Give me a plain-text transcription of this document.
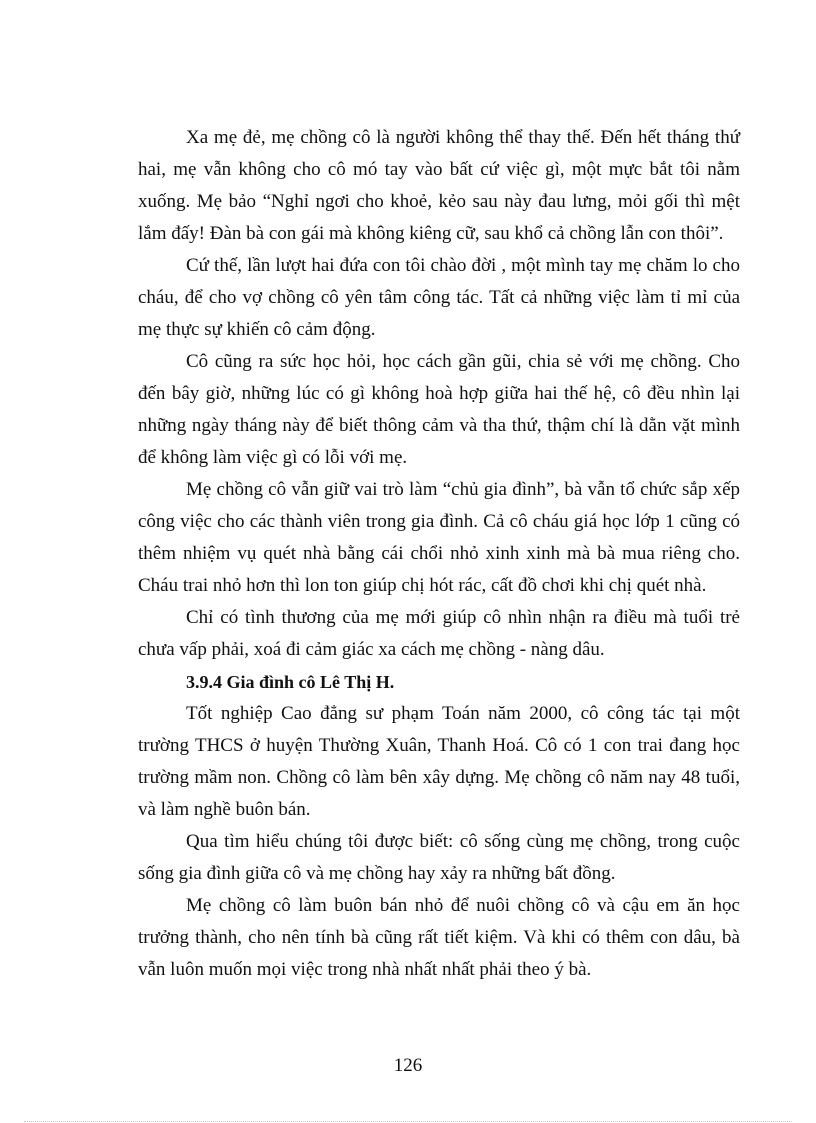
Xa mẹ đẻ, mẹ chồng cô là người không thể thay thế. Đến hết tháng thứ hai, mẹ vẫn không cho cô mó tay vào bất cứ việc gì, một mực bắt tôi nằm xuống. Mẹ bảo “Nghỉ ngơi cho khoẻ, kẻo sau này đau lưng, mỏi gối thì mệt lắm đấy! Đàn bà con gái mà không kiêng cữ, sau khổ cả chồng lẫn con thôi”.

Cứ thế, lần lượt hai đứa con tôi chào đời , một mình tay mẹ chăm lo cho cháu, để cho vợ chồng cô yên tâm công tác. Tất cả những việc làm tỉ mỉ của mẹ thực sự khiến cô cảm động.

Cô cũng ra sức học hỏi, học cách gần gũi, chia sẻ với mẹ chồng. Cho đến bây giờ, những lúc có gì không hoà hợp giữa hai thế hệ, cô đều nhìn lại những ngày tháng này để biết thông cảm và tha thứ, thậm chí là dằn vặt mình để không làm việc gì có lỗi với mẹ.

Mẹ chồng cô vẫn giữ vai trò làm “chủ gia đình”, bà vẫn tổ chức sắp xếp công việc cho các thành viên trong gia đình. Cả cô cháu giá học lớp 1 cũng có thêm nhiệm vụ quét nhà bằng cái chổi nhỏ xinh xinh mà bà mua riêng cho. Cháu trai nhỏ hơn thì lon ton giúp chị hót rác, cất đồ chơi khi chị quét nhà.

Chỉ có tình thương của mẹ mới giúp cô nhìn nhận ra điều mà tuổi trẻ chưa vấp phải, xoá đi cảm giác xa cách mẹ chồng - nàng dâu.

3.9.4 Gia đình cô Lê Thị H.

Tốt nghiệp Cao đẳng sư phạm Toán năm 2000, cô công tác tại một trường THCS ở huyện Thường Xuân, Thanh Hoá. Cô có 1 con trai đang học trường mầm non. Chồng cô làm bên xây dựng. Mẹ chồng cô năm nay 48 tuổi, và làm nghề buôn bán.

Qua tìm hiểu chúng tôi được biết: cô sống cùng mẹ chồng, trong cuộc sống gia đình giữa cô và mẹ chồng hay xảy ra những bất đồng.

Mẹ chồng cô làm buôn bán nhỏ để nuôi chồng cô và cậu em ăn học trưởng thành, cho nên tính bà cũng rất tiết kiệm. Và khi có thêm con dâu, bà vẫn luôn muốn mọi việc trong nhà nhất nhất phải theo ý bà.

126
